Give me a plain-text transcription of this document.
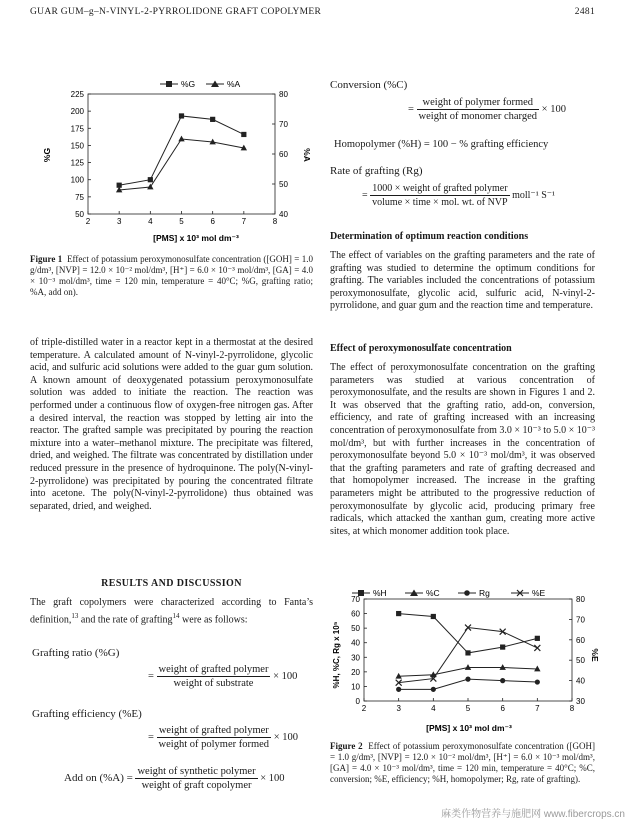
GUAR GUM–g–N-VINYL-2-PYRROLIDONE GRAFT COPOLYMER	2481
%G	%A
2	3	4	5	6	7	8
225
200
175
150
125
100
75
50	40
50
60
70
80
[PMS] x 10³ mol dm⁻³
%G	%A
Figure 1 Effect of potassium peroxymonosulfate concentration ([GOH] = 1.0 g/dm³, [NVP] = 12.0 × 10⁻² mol/dm³, [H⁺] = 6.0 × 10⁻³ mol/dm³, [GA] = 4.0 × 10⁻³ mol/dm³, time = 120 min, temperature = 40°C; %G, grafting ratio; %A, add on).
of triple-distilled water in a reactor kept in a thermostat at the desired temperature. A calculated amount of N-vinyl-2-pyrrolidone, glycolic acid, and sulfuric acid solutions were added to the guar gum solution. A known amount of deoxygenated potassium peroxymonosulfate solution was added to initiate the reaction. The reaction was performed under a continuous flow of oxygen-free nitrogen gas. After a desired interval, the reaction was stopped by letting air into the reactor. The grafted sample was precipitated by pouring the reaction mixture into a water–methanol mixture. The precipitate was filtered, dried, and weighed. The filtrate was concentrated by distillation under reduced pressure in the presence of hydroquinone. The poly(N-vinyl-2-pyrrolidone) was precipitated by pouring the concentrated filtrate into acetone. The poly(N-vinyl-2-pyrrolidone) thus obtained was separated, dried, and weighed.
RESULTS AND DISCUSSION
The graft copolymers were characterized according to Fanta’s definition,$^{13}$ and the rate of grafting$^{14}$ were as follows:
Grafting ratio (%G)
= $\frac{\text{weight of grafted polymer}}{\text{weight of substrate}} \times 100$
Grafting efficiency (%E)
= $\frac{\text{weight of grafted polymer}}{\text{weight of polymer formed}} \times 100$
Add on $(\%A) = \frac{\text{weight of synthetic polymer}}{\text{weight of graft copolymer}} \times 100$
Conversion (%C)
= $\frac{\text{weight of polymer formed}}{\text{weight of monomer charged}} \times 100$
Homopolymer (%H) = 100 − % grafting efficiency
Rate of grafting (Rg)
= $\frac{\text{1000 × weight of grafted polymer}}{\text{volume × time × mol. wt. of NVP}}$ moll⁻¹ S⁻¹
Determination of optimum reaction conditions
The effect of variables on the grafting parameters and the rate of grafting was studied to determine the optimum conditions for grafting. The variables included the concentrations of potassium peroxymonosulfate, glycolic acid, sulfuric acid, N-vinyl-2-pyrrolidone, and guar gum and the reaction time and temperature.
Effect of peroxymonosulfate concentration
The effect of peroxymonosulfate concentration on the grafting parameters was studied at various concentration of peroxymonosulfate, and the results are shown in Figures 1 and 2. It was observed that the grafting ratio, add-on, conversion, efficiency, and rate of grafting increased with an increasing concentration of peroxymonosulfate from 3.0 × 10⁻³ to 5.0 × 10⁻³ mol/dm³, but with further increases in the concentration of peroxymonosulfate beyond 5.0 × 10⁻³ mol/dm³, it was observed that the grafting parameters and rate of grafting decreased and that homopolymer increased. The increase in the grafting parameters might be attributed to the progressive reduction of peroxymonosulfate by glycolic acid, producing primary free radicals, which attacked the xanthan gum, creating more active sites, at which monomer addition took place.
%H	%C	Rg	%E
2	3	4	5	6	7	8
70
60
50
40
30
20
10
0
80
70
60
50
40
30
[PMS] x 10³ mol dm⁻³
%H, %C, Rg x 10⁵	%E
Figure 2 Effect of potassium peroxymonosulfate concentration ([GOH] = 1.0 g/dm³, [NVP] = 12.0 × 10⁻² mol/dm³, [H⁺] = 6.0 × 10⁻³ mol/dm³, [GA] = 4.0 × 10⁻³ mol/dm³, time = 120 min, temperature = 40°C; %C, conversion; %E, efficiency; %H, homopolymer; Rg, rate of grafting).
麻类作物营养与施肥网 www.fibercrops.cn
